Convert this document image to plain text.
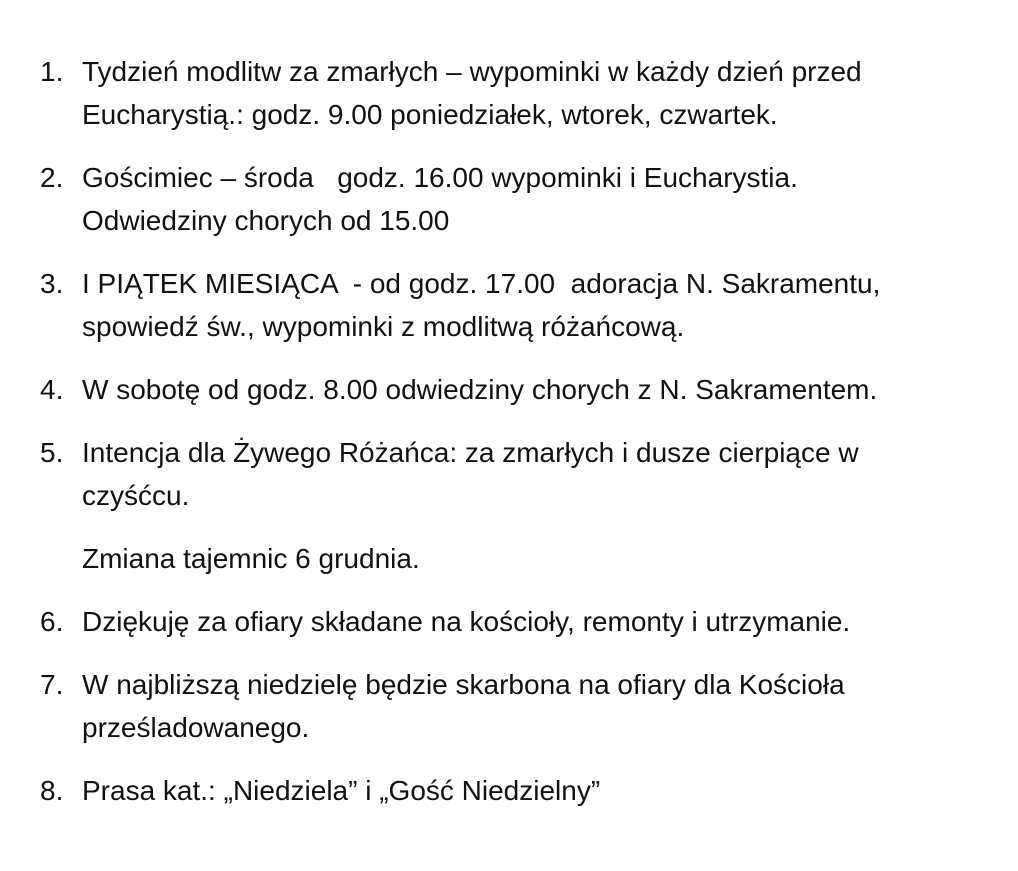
1. Tydzień modlitw za zmarłych – wypominki w każdy dzień przed
Eucharystią.: godz. 9.00 poniedziałek, wtorek, czwartek.
2. Gościmiec – środa   godz. 16.00 wypominki i Eucharystia.
Odwiedziny chorych od 15.00
3. I PIĄTEK MIESIĄCA  - od godz. 17.00  adoracja N. Sakramentu,
spowiedź św., wypominki z modlitwą różańcową.
4. W sobotę od godz. 8.00 odwiedziny chorych z N. Sakramentem.
5. Intencja dla Żywego Różańca: za zmarłych i dusze cierpiące w
czyśćcu.
Zmiana tajemnic 6 grudnia.
6. Dziękuję za ofiary składane na kościoły, remonty i utrzymanie.
7. W najbliższą niedzielę będzie skarbona na ofiary dla Kościoła
prześladowanego.
8. Prasa kat.: „Niedziela” i „Gość Niedzielny”
